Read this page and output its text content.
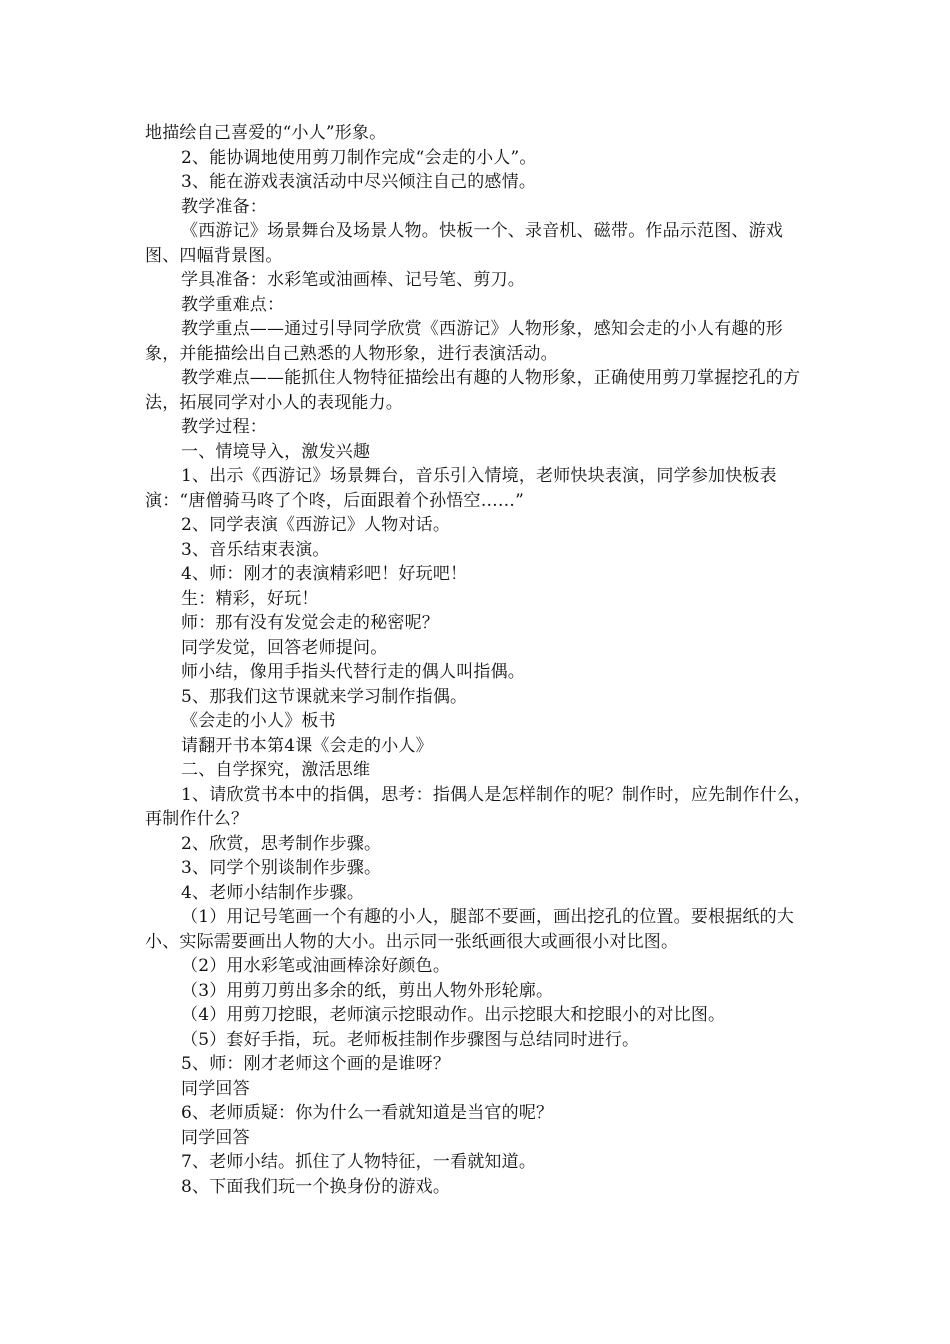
地描绘自己喜爱的“小人”形象。

2、能协调地使用剪刀制作完成“会走的小人”。

3、能在游戏表演活动中尽兴倾注自己的感情。

教学准备：

《西游记》场景舞台及场景人物。快板一个、录音机、磁带。作品示范图、游戏图、四幅背景图。

学具准备：水彩笔或油画棒、记号笔、剪刀。

教学重难点：

教学重点——通过引导同学欣赏《西游记》人物形象，感知会走的小人有趣的形象，并能描绘出自己熟悉的人物形象，进行表演活动。

教学难点——能抓住人物特征描绘出有趣的人物形象，正确使用剪刀掌握挖孔的方法，拓展同学对小人的表现能力。

教学过程：

一、情境导入，激发兴趣

1、出示《西游记》场景舞台，音乐引入情境，老师快块表演，同学参加快板表演：“唐僧骑马咚了个咚，后面跟着个孙悟空……”

2、同学表演《西游记》人物对话。

3、音乐结束表演。

4、师：刚才的表演精彩吧！好玩吧！

生：精彩，好玩！

师：那有没有发觉会走的秘密呢？

同学发觉，回答老师提问。

师小结，像用手指头代替行走的偶人叫指偶。

5、那我们这节课就来学习制作指偶。

《会走的小人》板书

请翻开书本第4课《会走的小人》

二、自学探究，激活思维

1、请欣赏书本中的指偶，思考：指偶人是怎样制作的呢？制作时，应先制作什么，再制作什么？

2、欣赏，思考制作步骤。

3、同学个别谈制作步骤。

4、老师小结制作步骤。

（1）用记号笔画一个有趣的小人，腿部不要画，画出挖孔的位置。要根据纸的大小、实际需要画出人物的大小。出示同一张纸画很大或画很小对比图。

（2）用水彩笔或油画棒涂好颜色。

（3）用剪刀剪出多余的纸，剪出人物外形轮廓。

（4）用剪刀挖眼，老师演示挖眼动作。出示挖眼大和挖眼小的对比图。

（5）套好手指，玩。老师板挂制作步骤图与总结同时进行。

5、师：刚才老师这个画的是谁呀？

同学回答

6、老师质疑：你为什么一看就知道是当官的呢？

同学回答

7、老师小结。抓住了人物特征，一看就知道。

8、下面我们玩一个换身份的游戏。
